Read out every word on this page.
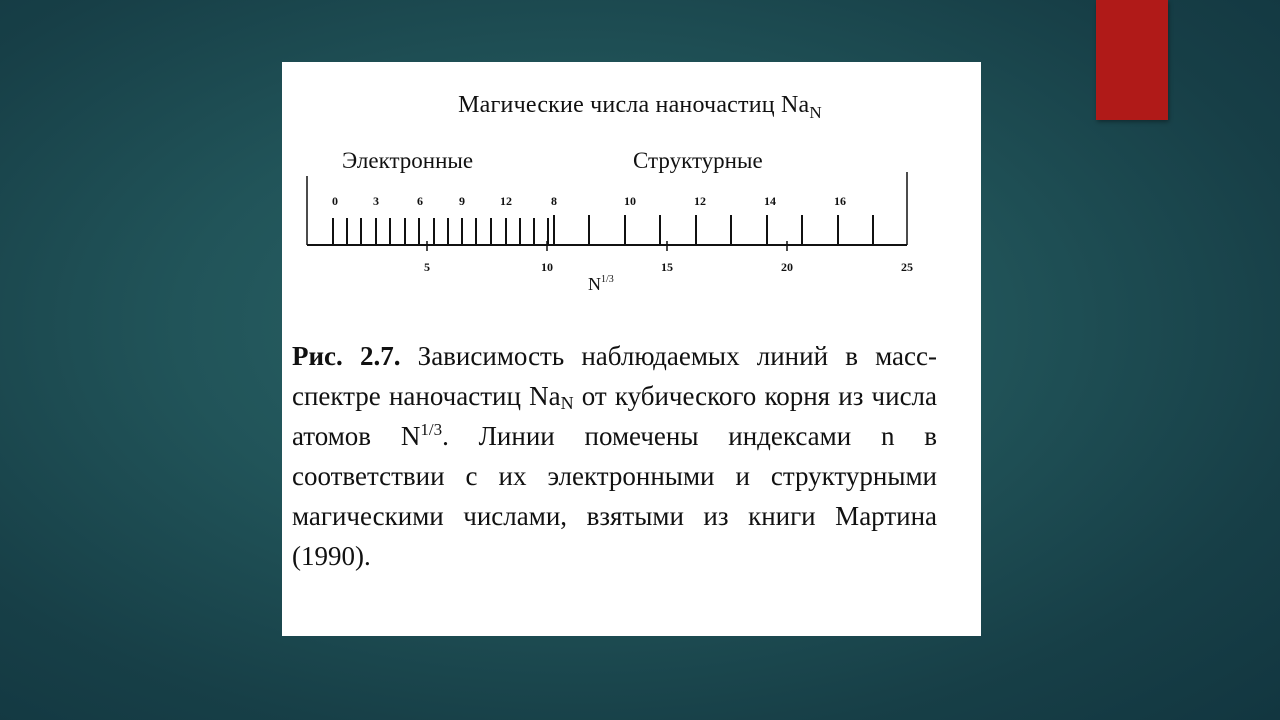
Магические числа наночастиц $Na_N$
Электронные	Структурные
0	3	6	9	12	8	10	12	14	16
5	10	15	20	25
$N^{1/3}$
Рис. 2.7. Зависимость наблюдаемых линий в масс-спектре наночастиц $Na_N$ от кубического корня из числа атомов $N^{1/3}$. Линии помечены индексами n в соответствии с их электронными и структурными магическими числами, взятыми из книги Мартина (1990).
